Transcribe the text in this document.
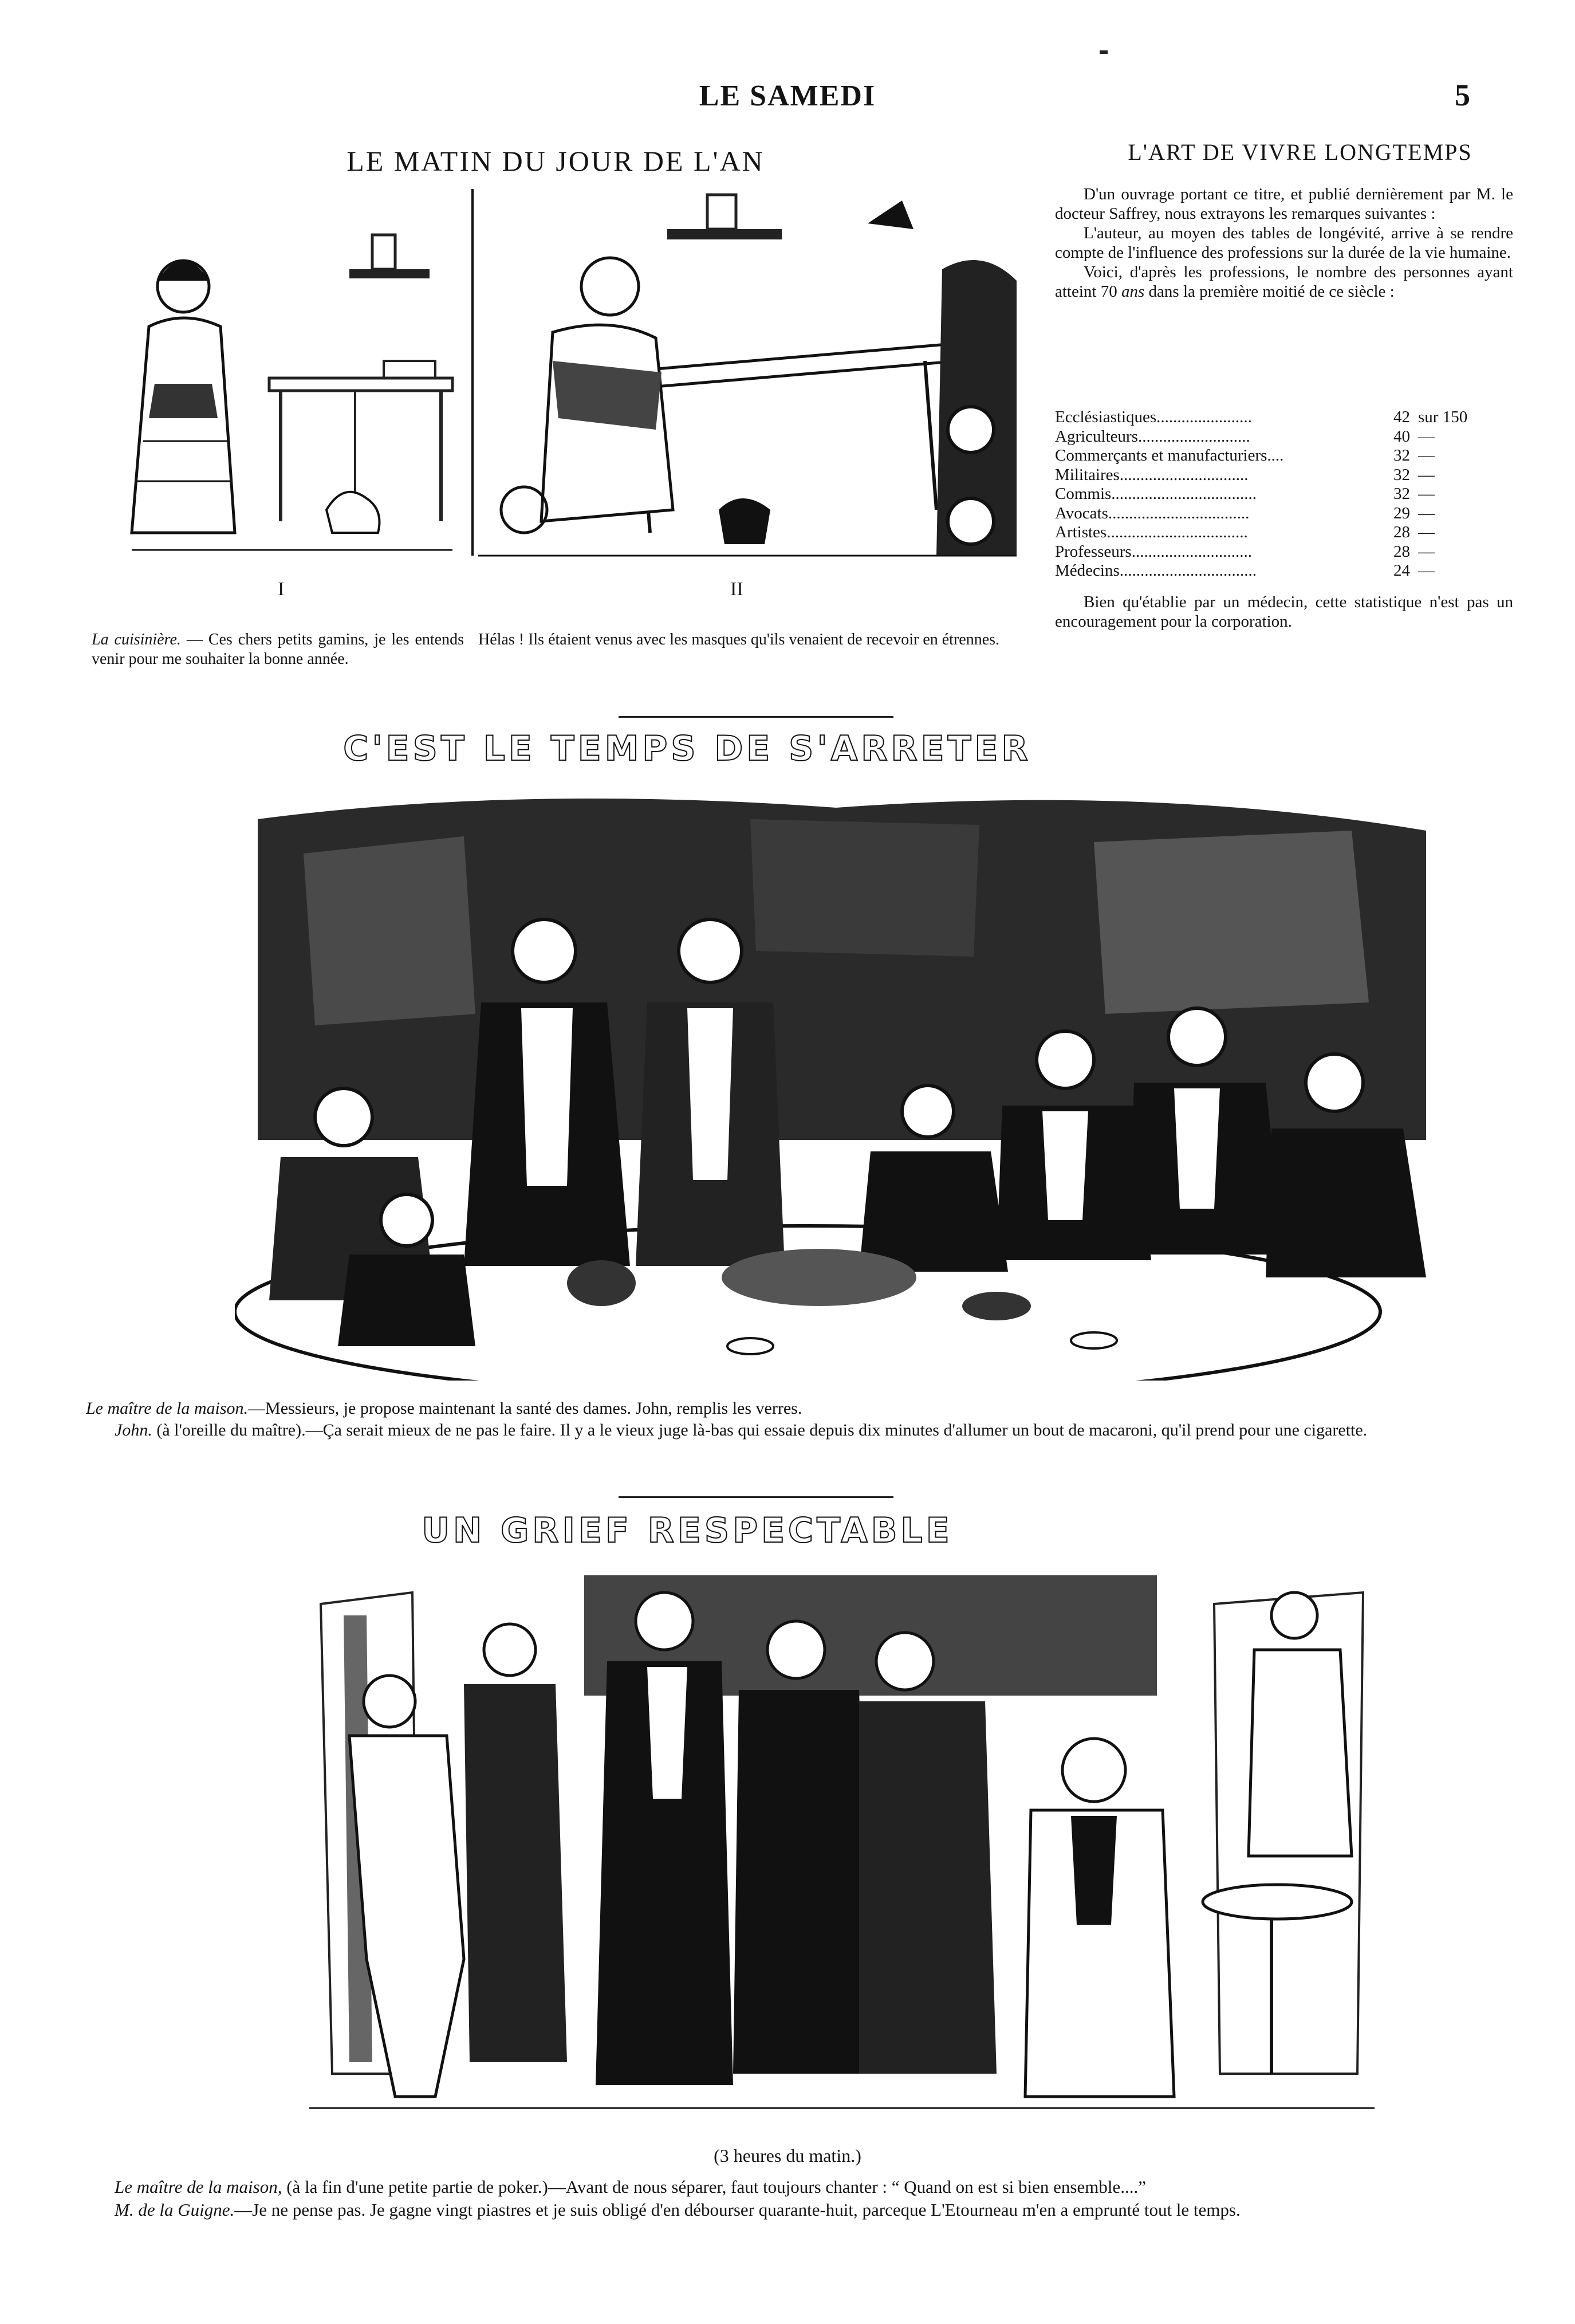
LE SAMEDI	5
LE MATIN DU JOUR DE L'AN
I	II
La cuisinière. — Ces chers petits gamins, je les entends venir pour me souhaiter la bonne année.
Hélas ! Ils étaient venus avec les masques qu'ils venaient de recevoir en étrennes.
L'ART DE VIVRE LONGTEMPS

D'un ouvrage portant ce titre, et publié dernièrement par M. le docteur Saffrey, nous extrayons les remarques suivantes :

L'auteur, au moyen des tables de longévité, arrive à se rendre compte de l'influence des professions sur la durée de la vie humaine.

Voici, d'après les professions, le nombre des personnes ayant atteint 70 ans dans la première moitié de ce siècle :

Ecclésiastiques.......................	42 sur 150
Agriculteurs...........................	40 —
Commerçants et manufacturiers....	32 —
Militaires...............................	32 —
Commis...................................	32 —
Avocats..................................	29 —
Artistes..................................	28 —
Professeurs.............................	28 —
Médecins.................................	24 —
Bien qu'établie par un médecin, cette statistique n'est pas un encouragement pour la corporation.
C'EST LE TEMPS DE S'ARRETER
Le maître de la maison.—Messieurs, je propose maintenant la santé des dames. John, remplis les verres.
John. (à l'oreille du maître).—Ça serait mieux de ne pas le faire. Il y a le vieux juge là-bas qui essaie depuis dix minutes d'allumer un bout de macaroni, qu'il prend pour une cigarette.
UN GRIEF RESPECTABLE
(3 heures du matin.)
Le maître de la maison, (à la fin d'une petite partie de poker.)—Avant de nous séparer, faut toujours chanter : “ Quand on est si bien ensemble....”
M. de la Guigne.—Je ne pense pas. Je gagne vingt piastres et je suis obligé d'en débourser quarante-huit, parceque L'Etourneau m'en a emprunté tout le temps.
